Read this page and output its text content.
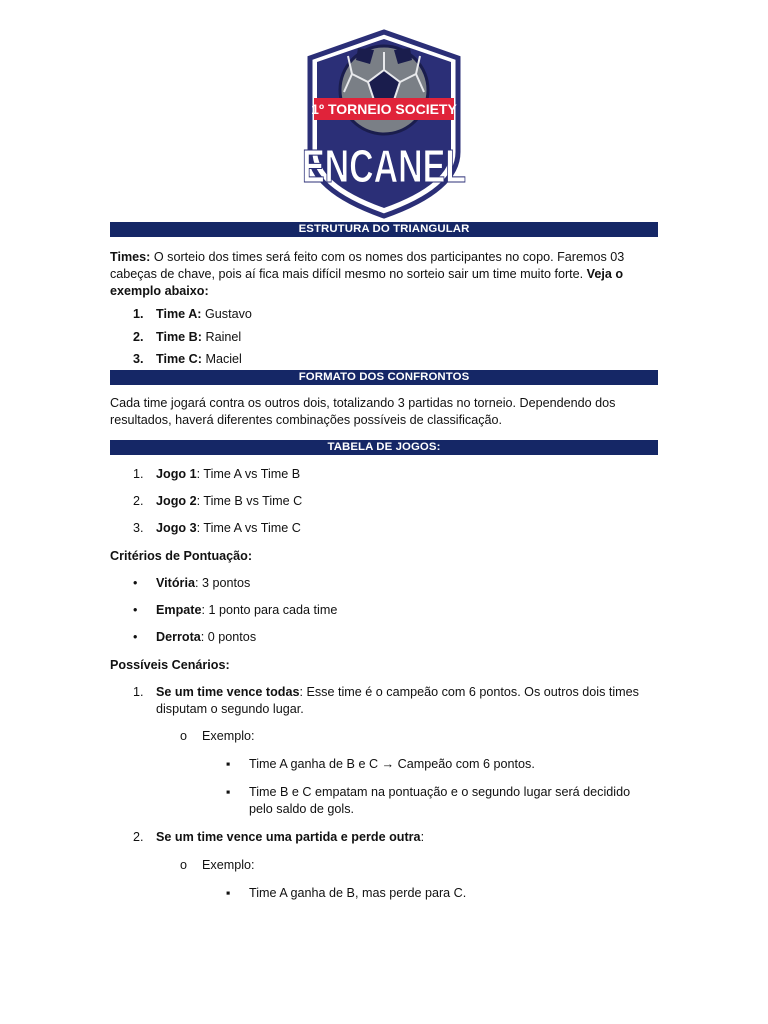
1º TORNEIO SOCIETY
ENCANEL
ESTRUTURA DO TRIANGULAR

Times: O sorteio dos times será feito com os nomes dos participantes no copo. Faremos 03 cabeças de chave, pois aí fica mais difícil mesmo no sorteio sair um time muito forte. Veja o exemplo abaixo:

1. Time A: Gustavo
2. Time B: Rainel
3. Time C: Maciel
FORMATO DOS CONFRONTOS

Cada time jogará contra os outros dois, totalizando 3 partidas no torneio. Dependendo dos resultados, haverá diferentes combinações possíveis de classificação.

TABELA DE JOGOS:
1. Jogo 1: Time A vs Time B
2. Jogo 2: Time B vs Time C
3. Jogo 3: Time A vs Time C

Critérios de Pontuação:

• Vitória: 3 pontos
• Empate: 1 ponto para cada time
• Derrota: 0 pontos

Possíveis Cenários:

1. Se um time vence todas: Esse time é o campeão com 6 pontos. Os outros dois times disputam o segundo lugar.
o Exemplo:
▪ Time A ganha de B e C → Campeão com 6 pontos.
▪ Time B e C empatam na pontuação e o segundo lugar será decidido pelo saldo de gols.
2. Se um time vence uma partida e perde outra:
o Exemplo:
▪ Time A ganha de B, mas perde para C.
